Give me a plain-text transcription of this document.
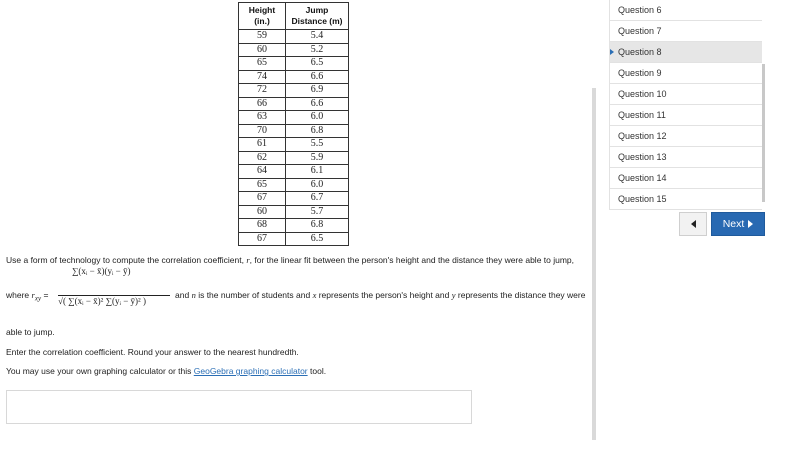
Height (in.)	Jump Distance (m)
59	5.4
60	5.2
65	6.5
74	6.6
72	6.9
66	6.6
63	6.0
70	6.8
61	5.5
62	5.9
64	6.1
65	6.0
67	6.7
60	5.7
68	6.8
67	6.5
Use a form of technology to compute the correlation coefficient, r, for the linear fit between the person's height and the distance they were able to jump,
where $r_{xy}$ =
∑(xᵢ − x̄)(yᵢ − ȳ)
√( ∑(xᵢ − x̄)² ∑(yᵢ − ȳ)² )
and n is the number of students and x represents the person's height and y represents the distance they were
able to jump.
Enter the correlation coefficient. Round your answer to the nearest hundredth.
You may use your own graphing calculator or this GeoGebra graphing calculator tool.
Question 6
Question 7
Question 8
Question 9
Question 10
Question 11
Question 12
Question 13
Question 14
Question 15
Next
